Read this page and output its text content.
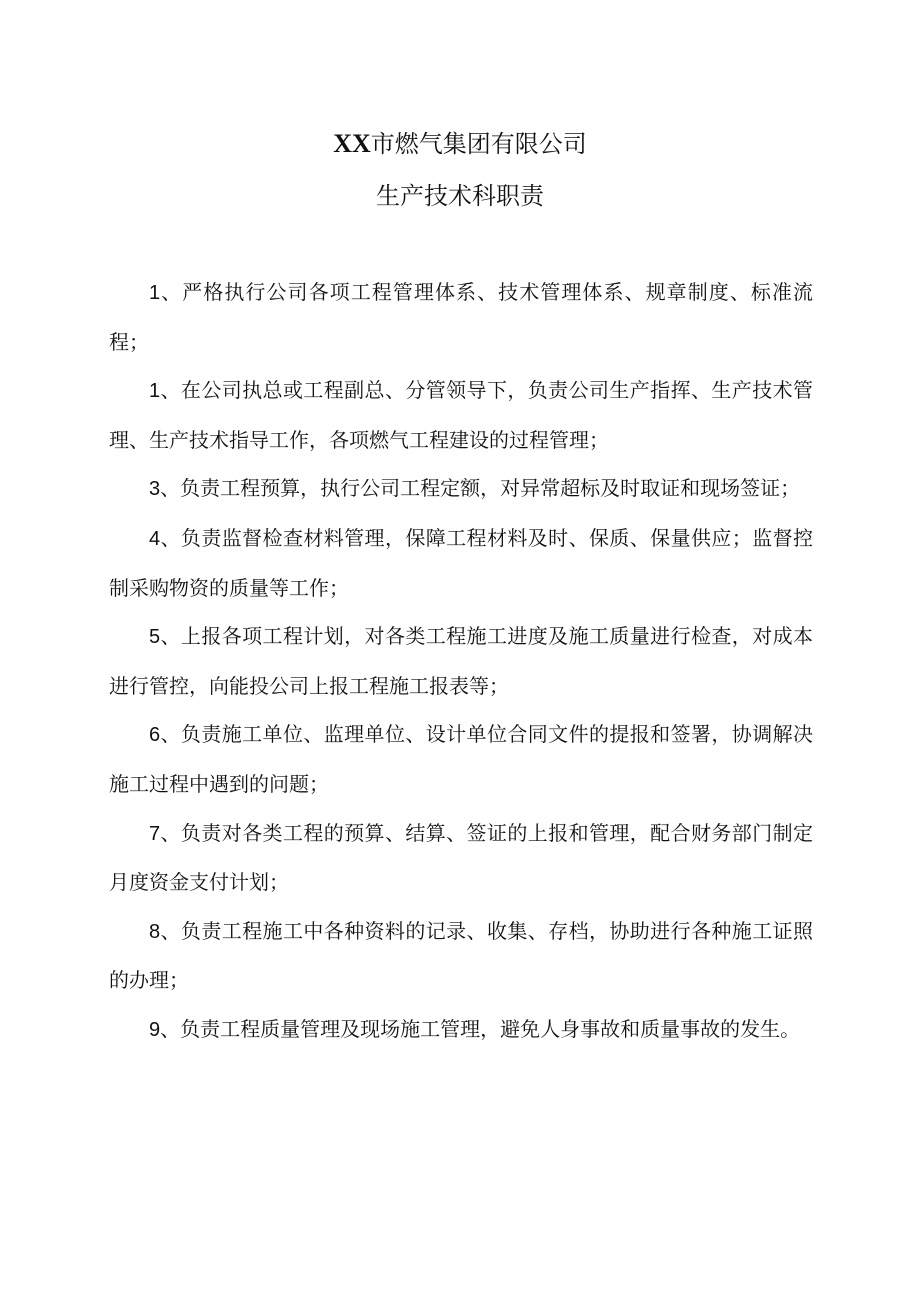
XX市燃气集团有限公司
生产技术科职责

1、严格执行公司各项工程管理体系、技术管理体系、规章制度、标准流程；

1、在公司执总或工程副总、分管领导下，负责公司生产指挥、生产技术管理、生产技术指导工作，各项燃气工程建设的过程管理；

3、负责工程预算，执行公司工程定额，对异常超标及时取证和现场签证；

4、负责监督检查材料管理，保障工程材料及时、保质、保量供应；监督控制采购物资的质量等工作；

5、上报各项工程计划，对各类工程施工进度及施工质量进行检查，对成本进行管控，向能投公司上报工程施工报表等；

6、负责施工单位、监理单位、设计单位合同文件的提报和签署，协调解决施工过程中遇到的问题；

7、负责对各类工程的预算、结算、签证的上报和管理，配合财务部门制定月度资金支付计划；

8、负责工程施工中各种资料的记录、收集、存档，协助进行各种施工证照的办理；

9、负责工程质量管理及现场施工管理，避免人身事故和质量事故的发生。
